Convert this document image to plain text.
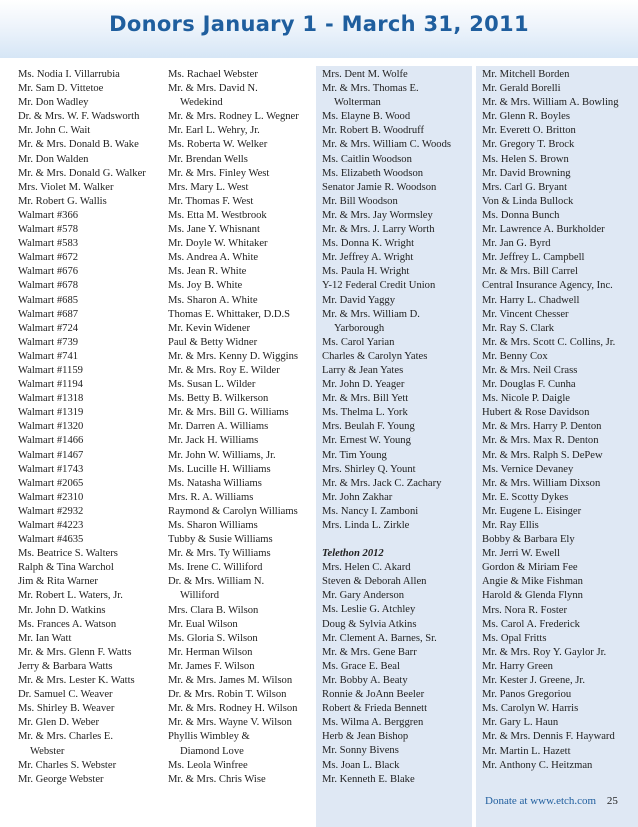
Donors January 1 - March 31, 2011
Ms. Nodia I. Villarrubia
Mr. Sam D. Vittetoe
Mr. Don Wadley
Dr. & Mrs. W. F. Wadsworth
Mr. John C. Wait
Mr. & Mrs. Donald B. Wake
Mr. Don Walden
Mr. & Mrs. Donald G. Walker
Mrs. Violet M. Walker
Mr. Robert G. Wallis
Walmart #366
Walmart #578
Walmart #583
Walmart #672
Walmart #676
Walmart #678
Walmart #685
Walmart #687
Walmart #724
Walmart #739
Walmart #741
Walmart #1159
Walmart #1194
Walmart #1318
Walmart #1319
Walmart #1320
Walmart #1466
Walmart #1467
Walmart #1743
Walmart #2065
Walmart #2310
Walmart #2932
Walmart #4223
Walmart #4635
Ms. Beatrice S. Walters
Ralph & Tina Warchol
Jim & Rita Warner
Mr. Robert L. Waters, Jr.
Mr. John D. Watkins
Ms. Frances A. Watson
Mr. Ian Watt
Mr. & Mrs. Glenn F. Watts
Jerry & Barbara Watts
Mr. & Mrs. Lester K. Watts
Dr. Samuel C. Weaver
Ms. Shirley B. Weaver
Mr. Glen D. Weber
Mr. & Mrs. Charles E.
Webster
Mr. Charles S. Webster
Mr. George Webster
Ms. Rachael Webster
Mr. & Mrs. David N.
Wedekind
Mr. & Mrs. Rodney L. Wegner
Mr. Earl L. Wehry, Jr.
Ms. Roberta W. Welker
Mr. Brendan Wells
Mr. & Mrs. Finley West
Mrs. Mary L. West
Mr. Thomas F. West
Ms. Etta M. Westbrook
Ms. Jane Y. Whisnant
Mr. Doyle W. Whitaker
Ms. Andrea A. White
Ms. Jean R. White
Ms. Joy B. White
Ms. Sharon A. White
Thomas E. Whittaker, D.D.S
Mr. Kevin Widener
Paul & Betty Widner
Mr. & Mrs. Kenny D. Wiggins
Mr. & Mrs. Roy E. Wilder
Ms. Susan L. Wilder
Ms. Betty B. Wilkerson
Mr. & Mrs. Bill G. Williams
Mr. Darren A. Williams
Mr. Jack H. Williams
Mr. John W. Williams, Jr.
Ms. Lucille H. Williams
Ms. Natasha Williams
Mrs. R. A. Williams
Raymond & Carolyn Williams
Ms. Sharon Williams
Tubby & Susie Williams
Mr. & Mrs. Ty Williams
Ms. Irene C. Williford
Dr. & Mrs. William N.
Williford
Mrs. Clara B. Wilson
Mr. Eual Wilson
Ms. Gloria S. Wilson
Mr. Herman Wilson
Mr. James F. Wilson
Mr. & Mrs. James M. Wilson
Dr. & Mrs. Robin T. Wilson
Mr. & Mrs. Rodney H. Wilson
Mr. & Mrs. Wayne V. Wilson
Phyllis Wimbley &
Diamond Love
Ms. Leola Winfree
Mr. & Mrs. Chris Wise
Mrs. Dent M. Wolfe
Mr. & Mrs. Thomas E.
Wolterman
Ms. Elayne B. Wood
Mr. Robert B. Woodruff
Mr. & Mrs. William C. Woods
Ms. Caitlin Woodson
Ms. Elizabeth Woodson
Senator Jamie R. Woodson
Mr. Bill Woodson
Mr. & Mrs. Jay Wormsley
Mr. & Mrs. J. Larry Worth
Ms. Donna K. Wright
Mr. Jeffrey A. Wright
Ms. Paula H. Wright
Y-12 Federal Credit Union
Mr. David Yaggy
Mr. & Mrs. William D.
Yarborough
Ms. Carol Yarian
Charles & Carolyn Yates
Larry & Jean Yates
Mr. John D. Yeager
Mr. & Mrs. Bill Yett
Ms. Thelma L. York
Mrs. Beulah F. Young
Mr. Ernest W. Young
Mr. Tim Young
Mrs. Shirley Q. Yount
Mr. & Mrs. Jack C. Zachary
Mr. John Zakhar
Ms. Nancy I. Zamboni
Mrs. Linda L. Zirkle
Telethon 2012
Mrs. Helen C. Akard
Steven & Deborah Allen
Mr. Gary Anderson
Ms. Leslie G. Atchley
Doug & Sylvia Atkins
Mr. Clement A. Barnes, Sr.
Mr. & Mrs. Gene Barr
Ms. Grace E. Beal
Mr. Bobby A. Beaty
Ronnie & JoAnn Beeler
Robert & Frieda Bennett
Ms. Wilma A. Berggren
Herb & Jean Bishop
Mr. Sonny Bivens
Ms. Joan L. Black
Mr. Kenneth E. Blake
Mr. Mitchell Borden
Mr. Gerald Borelli
Mr. & Mrs. William A. Bowling
Mr. Glenn R. Boyles
Mr. Everett O. Britton
Mr. Gregory T. Brock
Ms. Helen S. Brown
Mr. David Browning
Mrs. Carl G. Bryant
Von & Linda Bullock
Ms. Donna Bunch
Mr. Lawrence A. Burkholder
Mr. Jan G. Byrd
Mr. Jeffrey L. Campbell
Mr. & Mrs. Bill Carrel
Central Insurance Agency, Inc.
Mr. Harry L. Chadwell
Mr. Vincent Chesser
Mr. Ray S. Clark
Mr. & Mrs. Scott C. Collins, Jr.
Mr. Benny Cox
Mr. & Mrs. Neil Crass
Mr. Douglas F. Cunha
Ms. Nicole P. Daigle
Hubert & Rose Davidson
Mr. & Mrs. Harry P. Denton
Mr. & Mrs. Max R. Denton
Mr. & Mrs. Ralph S. DePew
Ms. Vernice Devaney
Mr. & Mrs. William Dixson
Mr. E. Scotty Dykes
Mr. Eugene L. Eisinger
Mr. Ray Ellis
Bobby & Barbara Ely
Mr. Jerri W. Ewell
Gordon & Miriam Fee
Angie & Mike Fishman
Harold & Glenda Flynn
Mrs. Nora R. Foster
Ms. Carol A. Frederick
Ms. Opal Fritts
Mr. & Mrs. Roy Y. Gaylor Jr.
Mr. Harry Green
Mr. Kester J. Greene, Jr.
Mr. Panos Gregoriou
Ms. Carolyn W. Harris
Mr. Gary L. Haun
Mr. & Mrs. Dennis F. Hayward
Mr. Martin L. Hazett
Mr. Anthony C. Heitzman
Donate at www.etch.com 25
